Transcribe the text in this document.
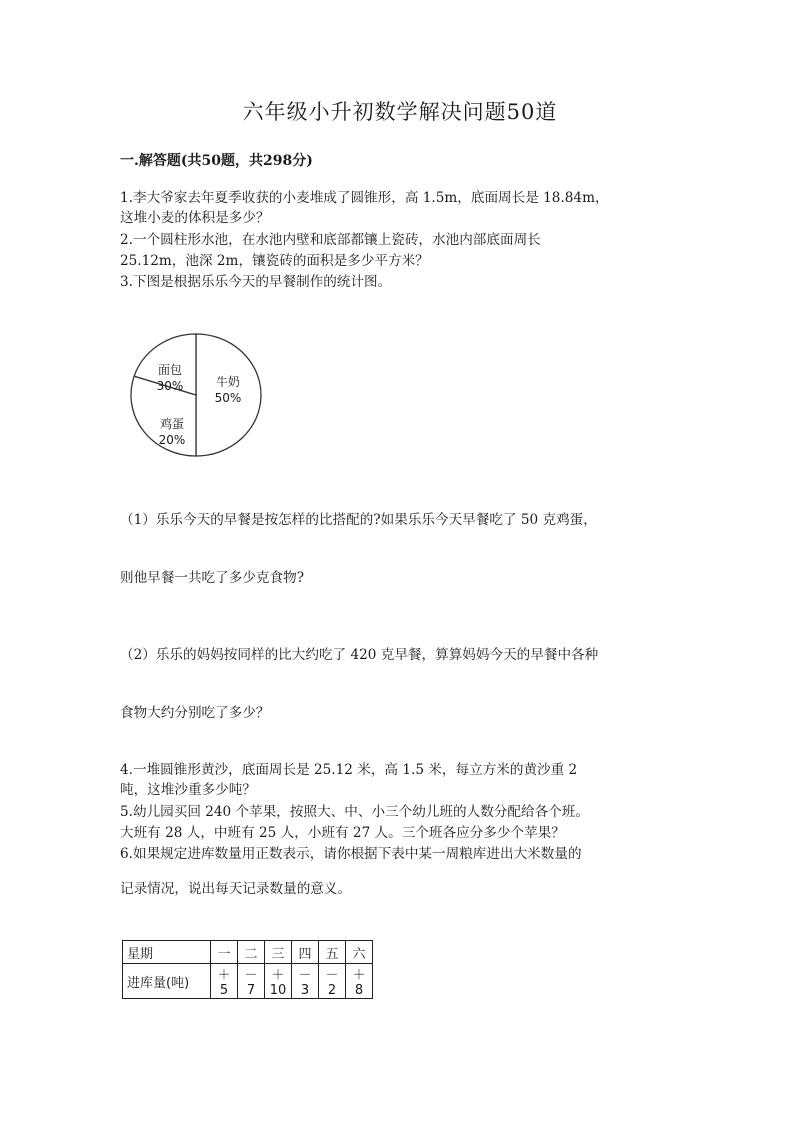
六年级小升初数学解决问题50道
一.解答题(共50题，共298分)
1.李大爷家去年夏季收获的小麦堆成了圆锥形，高 1.5m，底面周长是 18.84m，
这堆小麦的体积是多少？
2.一个圆柱形水池，在水池内壁和底部都镶上瓷砖，水池内部底面周长
25.12m，池深 2m，镶瓷砖的面积是多少平方米？
3.下图是根据乐乐今天的早餐制作的统计图。
牛奶
50%
面包
30%
鸡蛋
20%
（1）乐乐今天的早餐是按怎样的比搭配的?如果乐乐今天早餐吃了 50 克鸡蛋，
则他早餐一共吃了多少克食物?
（2）乐乐的妈妈按同样的比大约吃了 420 克早餐，算算妈妈今天的早餐中各种
食物大约分别吃了多少？
4.一堆圆锥形黄沙，底面周长是 25.12 米，高 1.5 米，每立方米的黄沙重 2
吨，这堆沙重多少吨？
5.幼儿园买回 240 个苹果，按照大、中、小三个幼儿班的人数分配给各个班。
大班有 28 人，中班有 25 人，小班有 27 人。三个班各应分多少个苹果？
6.如果规定进库数量用正数表示，请你根据下表中某一周粮库进出大米数量的
记录情况，说出每天记录数量的意义。
星期	一	二	三	四	五	六
进库量(吨)	＋5	－7	＋10	－3	－2	＋8
